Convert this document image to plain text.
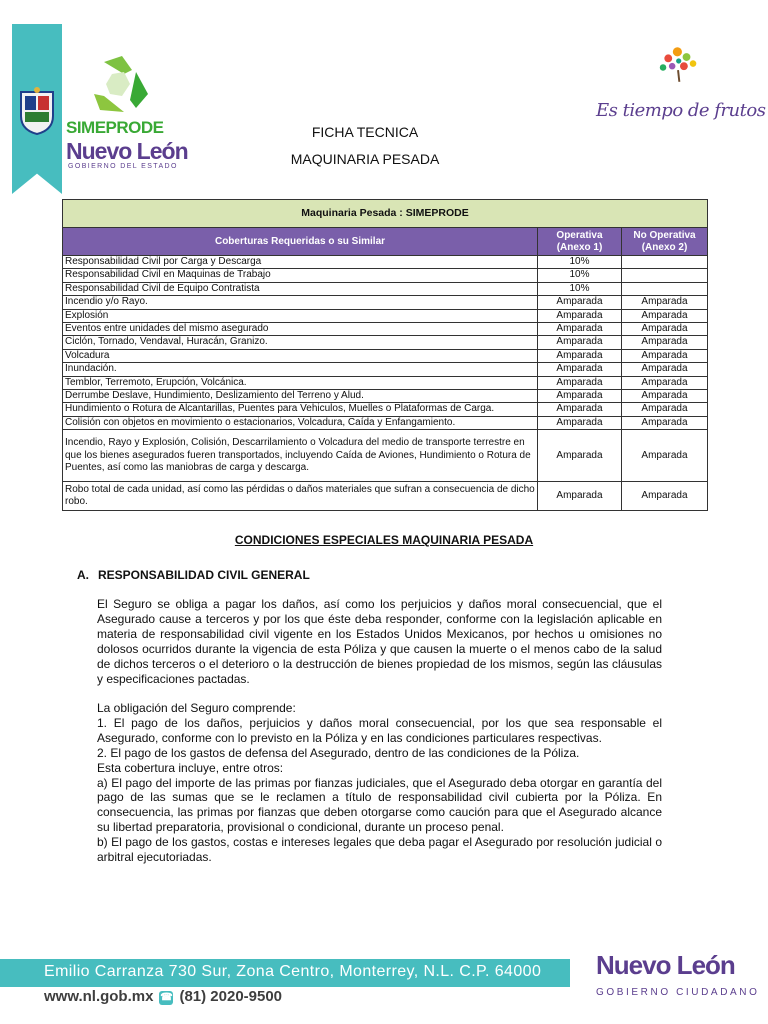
SIMEPRODE
Nuevo León
GOBIERNO DEL ESTADO
FICHA TECNICA
MAQUINARIA PESADA
Es tiempo de frutos
Maquinaria Pesada : SIMEPRODE		
Coberturas Requeridas o su Similar	Operativa (Anexo 1)	No Operativa (Anexo 2)
Responsabilidad Civil por Carga y Descarga	10%	
Responsabilidad Civil en Maquinas de Trabajo	10%	
Responsabilidad Civil de Equipo Contratista	10%	
Incendio y/o Rayo.	Amparada	Amparada
Explosión	Amparada	Amparada
Eventos entre unidades del mismo asegurado	Amparada	Amparada
Ciclón, Tornado, Vendaval, Huracán, Granizo.	Amparada	Amparada
Volcadura	Amparada	Amparada
Inundación.	Amparada	Amparada
Temblor, Terremoto, Erupción, Volcánica.	Amparada	Amparada
Derrumbe Deslave, Hundimiento, Deslizamiento del Terreno y Alud.	Amparada	Amparada
Hundimiento o Rotura de Alcantarillas, Puentes para Vehiculos, Muelles o Plataformas de Carga.	Amparada	Amparada
Colisión con objetos en movimiento o estacionarios, Volcadura, Caída y Enfangamiento.	Amparada	Amparada
Incendio, Rayo y Explosión, Colisión, Descarrilamiento o Volcadura del medio de transporte terrestre en que los bienes asegurados fueren transportados, incluyendo Caída de Aviones, Hundimiento o Rotura de Puentes, así como las maniobras de carga y descarga.	Amparada	Amparada
Robo total de cada unidad, así como las pérdidas o daños materiales que sufran a consecuencia de dicho robo.	Amparada	Amparada
CONDICIONES ESPECIALES MAQUINARIA PESADA
A. RESPONSABILIDAD CIVIL GENERAL
El Seguro se obliga a pagar los daños, así como los perjuicios y daños moral consecuencial, que el Asegurado cause a terceros y por los que éste deba responder, conforme con la legislación aplicable en materia de responsabilidad civil vigente en los Estados Unidos Mexicanos, por hechos u omisiones no dolosos ocurridos durante la vigencia de esta Póliza y que causen la muerte o el menos cabo de la salud de dichos terceros o el deterioro o la destrucción de bienes propiedad de los mismos, según las cláusulas y especificaciones pactadas.
La obligación del Seguro comprende:
1. El pago de los daños, perjuicios y daños moral consecuencial, por los que sea responsable el Asegurado, conforme con lo previsto en la Póliza y en las condiciones particulares respectivas.
2. El pago de los gastos de defensa del Asegurado, dentro de las condiciones de la Póliza.
Esta cobertura incluye, entre otros:
a) El pago del importe de las primas por fianzas judiciales, que el Asegurado deba otorgar en garantía del pago de las sumas que se le reclamen a título de responsabilidad civil cubierta por la Póliza. En consecuencia, las primas por fianzas que deben otorgarse como caución para que el Asegurado alcance su libertad preparatoria, provisional o condicional, durante un proceso penal.
b) El pago de los gastos, costas e intereses legales que deba pagar el Asegurado por resolución judicial o arbitral ejecutoriadas.
Emilio Carranza 730 Sur, Zona Centro, Monterrey, N.L. C.P. 64000
www.nl.gob.mx ☎ (81) 2020-9500
Nuevo León
GOBIERNO CIUDADANO
